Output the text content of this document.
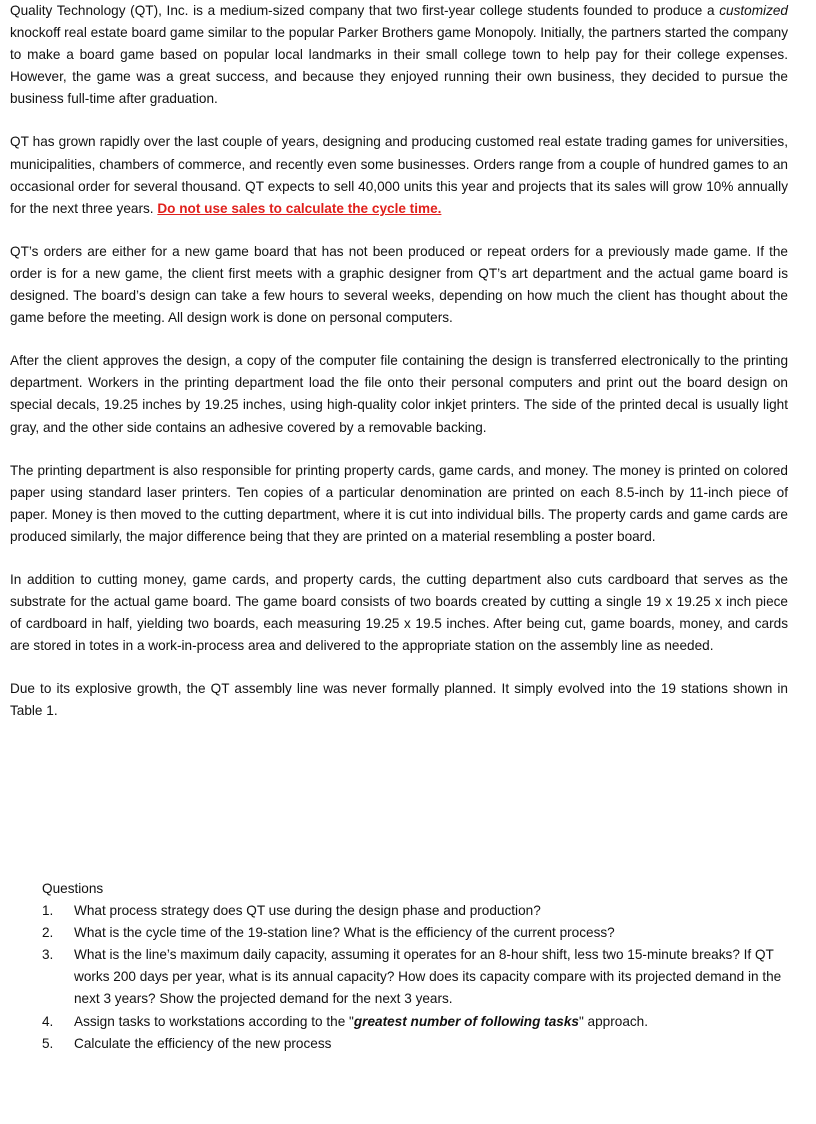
Quality Technology (QT), Inc. is a medium-sized company that two first-year college students founded to produce a customized knockoff real estate board game similar to the popular Parker Brothers game Monopoly. Initially, the partners started the company to make a board game based on popular local landmarks in their small college town to help pay for their college expenses. However, the game was a great success, and because they enjoyed running their own business, they decided to pursue the business full-time after graduation.

QT has grown rapidly over the last couple of years, designing and producing customed real estate trading games for universities, municipalities, chambers of commerce, and recently even some businesses. Orders range from a couple of hundred games to an occasional order for several thousand. QT expects to sell 40,000 units this year and projects that its sales will grow 10% annually for the next three years. Do not use sales to calculate the cycle time.

QT’s orders are either for a new game board that has not been produced or repeat orders for a previously made game. If the order is for a new game, the client first meets with a graphic designer from QT’s art department and the actual game board is designed. The board’s design can take a few hours to several weeks, depending on how much the client has thought about the game before the meeting. All design work is done on personal computers.

After the client approves the design, a copy of the computer file containing the design is transferred electronically to the printing department. Workers in the printing department load the file onto their personal computers and print out the board design on special decals, 19.25 inches by 19.25 inches, using high-quality color inkjet printers. The side of the printed decal is usually light gray, and the other side contains an adhesive covered by a removable backing.

The printing department is also responsible for printing property cards, game cards, and money. The money is printed on colored paper using standard laser printers. Ten copies of a particular denomination are printed on each 8.5-inch by 11-inch piece of paper. Money is then moved to the cutting department, where it is cut into individual bills. The property cards and game cards are produced similarly, the major difference being that they are printed on a material resembling a poster board.

In addition to cutting money, game cards, and property cards, the cutting department also cuts cardboard that serves as the substrate for the actual game board. The game board consists of two boards created by cutting a single 19 x 19.25 x inch piece of cardboard in half, yielding two boards, each measuring 19.25 x 19.5 inches. After being cut, game boards, money, and cards are stored in totes in a work-in-process area and delivered to the appropriate station on the assembly line as needed.

Due to its explosive growth, the QT assembly line was never formally planned. It simply evolved into the 19 stations shown in Table 1.

Questions
1.	What process strategy does QT use during the design phase and production?
2.	What is the cycle time of the 19-station line? What is the efficiency of the current process?
3.	What is the line’s maximum daily capacity, assuming it operates for an 8-hour shift, less two 15-minute breaks? If QT works 200 days per year, what is its annual capacity? How does its capacity compare with its projected demand in the next 3 years? Show the projected demand for the next 3 years.
4.	Assign tasks to workstations according to the "greatest number of following tasks" approach.
5.	Calculate the efficiency of the new process
